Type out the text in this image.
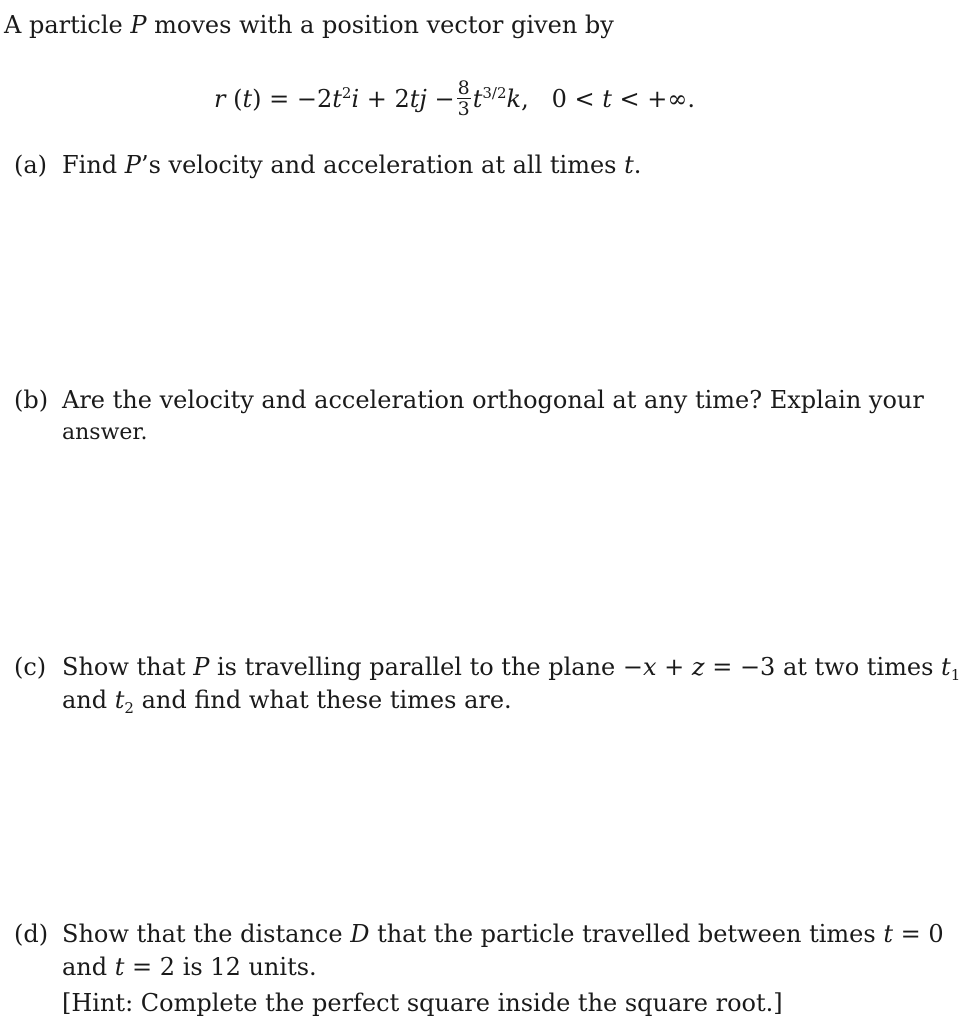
A particle P moves with a position vector given by
r $(t) = -2t^2i + 2tj - \frac{8}{3} t^{3/2}k$,   0 < t < +∞.
(a) Find P’s velocity and acceleration at all times t.
(b) Are the velocity and acceleration orthogonal at any time? Explain your
answer.
(c) Show that P is travelling parallel to the plane −x + z = −3 at two times $t_1$
and $t_2$ and find what these times are.
(d) Show that the distance D that the particle travelled between times t = 0
and t = 2 is 12 units.
[Hint: Complete the perfect square inside the square root.]
